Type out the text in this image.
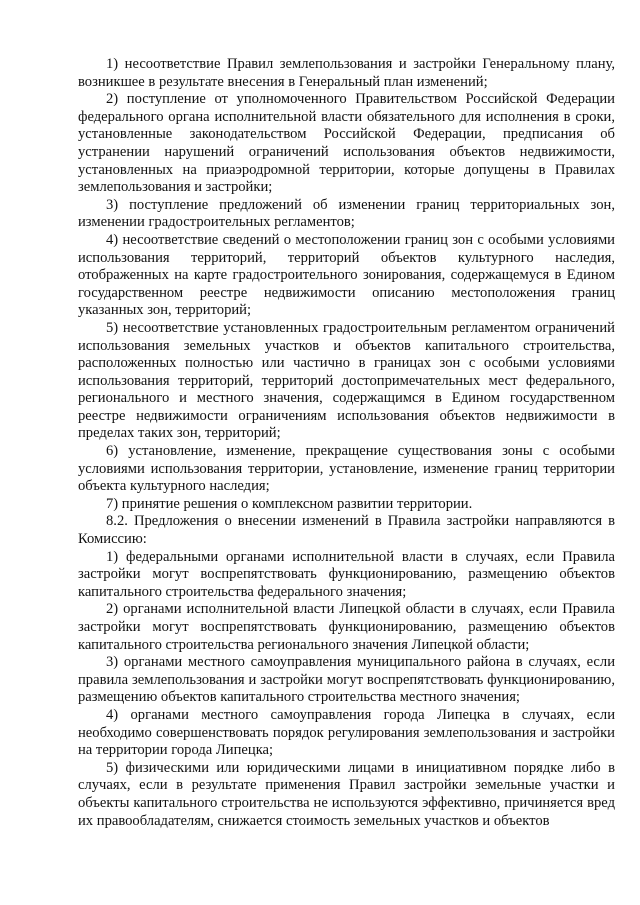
1) несоответствие Правил землепользования и застройки Генеральному плану, возникшее в результате внесения в Генеральный план изменений;

2) поступление от уполномоченного Правительством Российской Федерации федерального органа исполнительной власти обязательного для исполнения в сроки, установленные законодательством Российской Федерации, предписания об устранении нарушений ограничений использования объектов недвижимости, установленных на приаэродромной территории, которые допущены в Правилах землепользования и застройки;

3) поступление предложений об изменении границ территориальных зон, изменении градостроительных регламентов;

4) несоответствие сведений о местоположении границ зон с особыми условиями использования территорий, территорий объектов культурного наследия, отображенных на карте градостроительного зонирования, содержащемуся в Едином государственном реестре недвижимости описанию местоположения границ указанных зон, территорий;

5) несоответствие установленных градостроительным регламентом ограничений использования земельных участков и объектов капитального строительства, расположенных полностью или частично в границах зон с особыми условиями использования территорий, территорий достопримечательных мест федерального, регионального и местного значения, содержащимся в Едином государственном реестре недвижимости ограничениям использования объектов недвижимости в пределах таких зон, территорий;

6) установление, изменение, прекращение существования зоны с особыми условиями использования территории, установление, изменение границ территории объекта культурного наследия;

7) принятие решения о комплексном развитии территории.

8.2. Предложения о внесении изменений в Правила застройки направляются в Комиссию:

1) федеральными органами исполнительной власти в случаях, если Правила застройки могут воспрепятствовать функционированию, размещению объектов капитального строительства федерального значения;

2) органами исполнительной власти Липецкой области в случаях, если Правила застройки могут воспрепятствовать функционированию, размещению объектов капитального строительства регионального значения Липецкой области;

3) органами местного самоуправления муниципального района в случаях, если правила землепользования и застройки могут воспрепятствовать функционированию, размещению объектов капитального строительства местного значения;

4) органами местного самоуправления города Липецка в случаях, если необходимо совершенствовать порядок регулирования землепользования и застройки на территории города Липецка;

5) физическими или юридическими лицами в инициативном порядке либо в случаях, если в результате применения Правил застройки земельные участки и объекты капитального строительства не используются эффективно, причиняется вред их правообладателям, снижается стоимость земельных участков и объектов
